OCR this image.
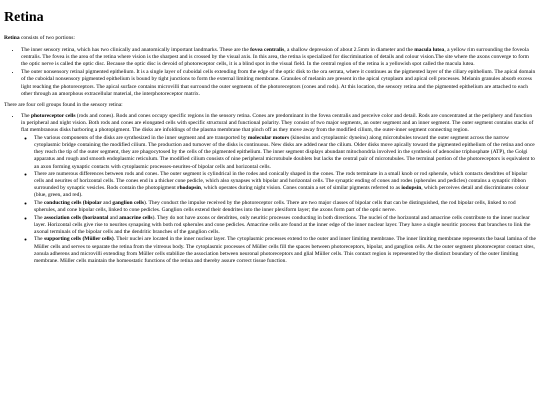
Retina

Retina consists of two portions:

• The inner sensory retina, which has two clinically and anatomically important landmarks. These are the fovea centralis, a shallow depression of about 2.5mm in diameter and the macula lutea, a yellow rim surrounding the foveola centralis. The fovea is the area of the retina where vision is the sharpest and is crossed by the visual axis. In this area, the retina is specialized for discrimination of details and colour vision.The site where the axons converge to form the optic nerve is called the optic disc. Because the optic disc is devoid of photoreceptor cells, it is a blind spot in the visual field. In the central region of the retina is a yellowish spot called the macula lutea.
• The outer nonsensory retinal pigmented epithelium. It is a single layer of cuboidal cells extending from the edge of the optic disk to the ora serrata, where it continues as the pigmented layer of the ciliary epithelium. The apical domain of the cuboidal nonsensory pigmented epithelium is bound by tight junctions to form the external limiting membrane. Granules of melanin are present in the apical cytoplasm and apical cell processes. Melanin granules absorb excess light reaching the photoreceptors. The apical surface contains microvilli that surround the outer segments of the photoreceptors (cones and rods). At this location, the sensory retina and the pigmented epithelium are attached to each other through an amorphous extracellular material, the interphotoreceptor matrix.

There are four cell groups found in the sensory retina:

• The photoreceptor cells (rods and cones). Rods and cones occupy specific regions in the sensory retina. Cones are predominant in the fovea centralis and perceive color and detail. Rods are concentrated at the periphery and function in peripheral and night vision. Both rods and cones are elongated cells with specific structural and functional polarity. They consist of two major segments, an outer segment and an inner segment. The outer segment contains stacks of flat membranous disks harboring a photopigment. The disks are infoldings of the plasma membrane that pinch off as they move away from the modified cilium, the outer-inner segment connecting region.
◦ The various components of the disks are synthesized in the inner segment and are transported by molecular motors (kinesins and cytoplasmic dyneins) along microtubules toward the outer segment across the narrow cytoplasmic bridge containing the modified cilium. The production and turnover of the disks is continuous. New disks are added near the cilium. Older disks move apically toward the pigmented epithelium of the retina and once they reach the tip of the outer segment, they are phagocytosed by the cells of the pigmented epithelium. The inner segment displays abundant mitochondria involved in the synthesis of adenosine triphosphate (ATP), the Golgi apparatus and rough and smooth endoplasmic reticulum. The modified cilium consists of nine peripheral microtubule doublets but lacks the central pair of microtubules. The terminal portion of the photoreceptors is equivalent to an axon forming synaptic contacts with cytoplasmic processes-neurites-of bipolar cells and horizontal cells.
◦ There are numerous differences between rods and cones. The outer segment is cylindrical in the rodes and conically shaped in the cones. The rods terminate in a small knob or rod spherule, which contacts dendrites of bipolar cells and neurites of horizontal cells. The cones end in a thicker cone pedicle, which also synapses with bipolar and horizontal cells. The synaptic ending of cones and rodes (spherules and pedicles) contains a synaptic ribbon surrounded by synaptic vesicles. Rods contain the photopigment rhodopsin, which operates during night vision. Cones contain a set of similar pigments referred to as iodopsin, which perceives detail and discriminates colour (blue, green, and red).
◦ The conducting cells (bipolar and ganglion cells). They conduct the impulse received by the photoreceptor cells. There are two major classes of bipolar cells that can be distinguished, the rod bipolar cells, linked to rod spherules, and cone bipolar cells, linked to cone pedicles. Ganglion cells extend their dendrites into the inner plexiform layer; the axons form part of the optic nerve.
◦ The association cells (horizontal and amacrine cells). They do not have axons or dendrites, only neuritic processes conducting in both directions. The nuclei of the horizontal and amacrine cells contribute to the inner nuclear layer. Horizontal cells give rise to neurites synapsing with both rod spherules and cone pedicles. Amacrine cells are found at the inner edge of the inner nuclear layer. They have a single neuritic process that branches to link the axonal terminals of the bipolar cells and the dendritic branches of the ganglion cells.
◦ The supporting cells (Müller cells). Their nuclei are located in the inner nuclear layer. The cytoplasmic processes extend to the outer and inner limiting membrane. The inner limiting membrane represents the basal lamina of the Müller cells and serves to separate the retina from the vitreous body. The cytoplasmic processes of Müller cells fill the spaces between photoreceptors, bipolar, and ganglion cells. At the outer segment photoreceptor contact sites, zonula adherens and microvilli extending from Müller cells stabilize the association between neuronal photoreceptors and glial Müller cells. This contact region is represented by the distinct boundary of the outer limiting membrane. Müller cells maintain the homeostatic functions of the retina and thereby assure correct tissue function.
